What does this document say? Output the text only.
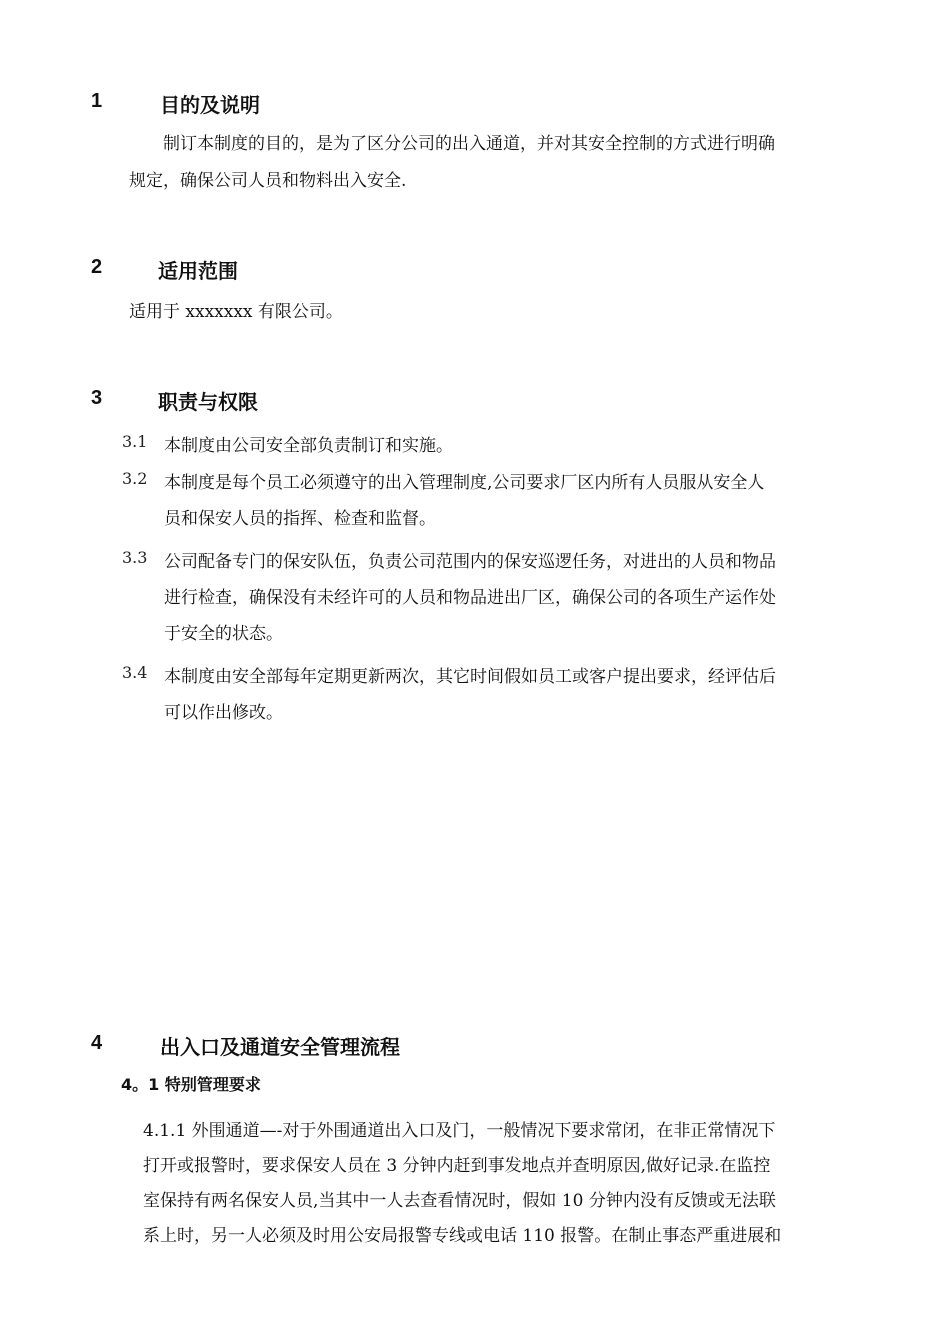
1	目的及说明
制订本制度的目的，是为了区分公司的出入通道，并对其安全控制的方式进行明确
规定，确保公司人员和物料出入安全.
2	适用范围
适用于 xxxxxxx 有限公司。
3	职责与权限
3.1 本制度由公司安全部负责制订和实施。
3.2 本制度是每个员工必须遵守的出入管理制度,公司要求厂区内所有人员服从安全人
员和保安人员的指挥、检查和监督。
3.3 公司配备专门的保安队伍，负责公司范围内的保安巡逻任务，对进出的人员和物品
进行检查，确保没有未经许可的人员和物品进出厂区，确保公司的各项生产运作处
于安全的状态。
3.4 本制度由安全部每年定期更新两次，其它时间假如员工或客户提出要求，经评估后
可以作出修改。
4	出入口及通道安全管理流程
4。1 特别管理要求
4.1.1 外围通道—-对于外围通道出入口及门，一般情况下要求常闭，在非正常情况下
打开或报警时，要求保安人员在 3 分钟内赶到事发地点并查明原因,做好记录.在监控
室保持有两名保安人员,当其中一人去查看情况时，假如 10 分钟内没有反馈或无法联
系上时，另一人必须及时用公安局报警专线或电话 110 报警。在制止事态严重进展和
